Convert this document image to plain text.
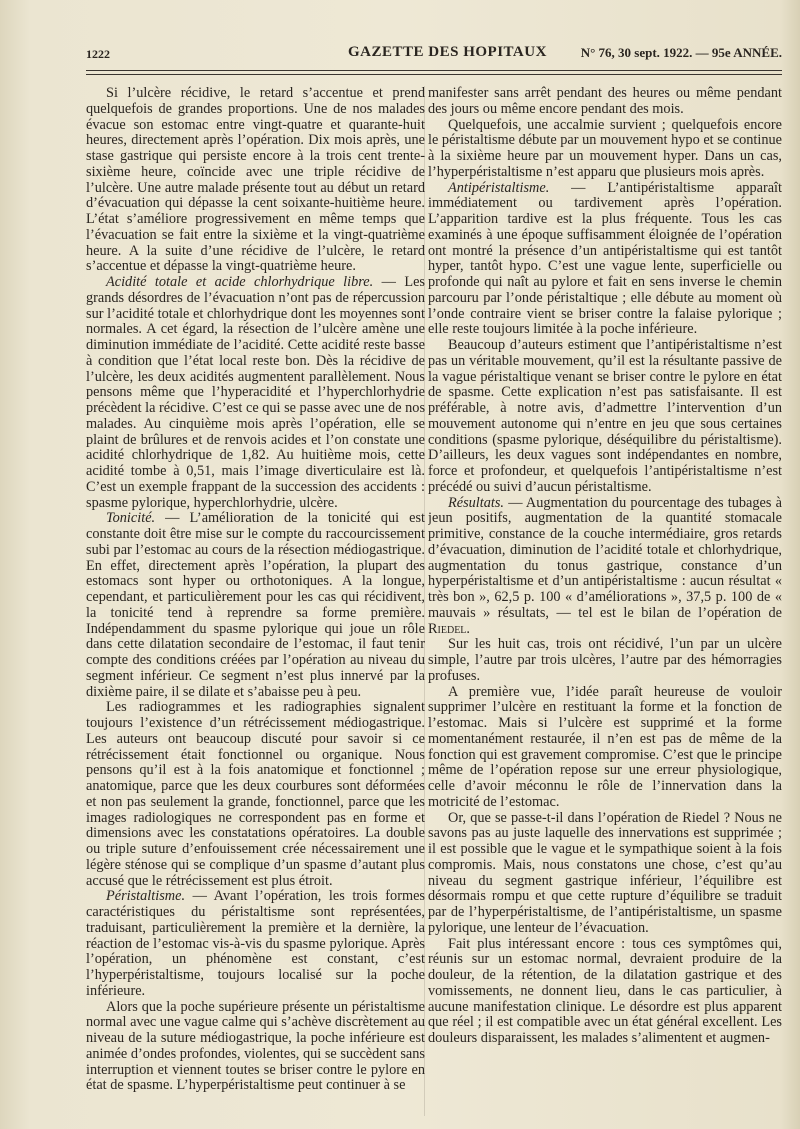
1222	GAZETTE DES HOPITAUX	N° 76, 30 sept. 1922. — 95e ANNÉE.

Si l’ulcère récidive, le retard s’accentue et prend quelquefois de grandes proportions. Une de nos malades évacue son estomac entre vingt-quatre et quarante-huit heures, directement après l’opération. Dix mois après, une stase gastrique qui persiste encore à la trois cent trente-sixième heure, coïncide avec une triple récidive de l’ulcère. Une autre malade présente tout au début un retard d’évacuation qui dépasse la cent soixante-huitième heure. L’état s’améliore progressivement en même temps que l’évacuation se fait entre la sixième et la vingt-quatrième heure. A la suite d’une récidive de l’ulcère, le retard s’accentue et dépasse la vingt-quatrième heure.

Acidité totale et acide chlorhydrique libre. — Les grands désordres de l’évacuation n’ont pas de répercussion sur l’acidité totale et chlorhydrique dont les moyennes sont normales. A cet égard, la résection de l’ulcère amène une diminution immédiate de l’acidité. Cette acidité reste basse à condition que l’état local reste bon. Dès la récidive de l’ulcère, les deux acidités augmentent parallèlement. Nous pensons même que l’hyperacidité et l’hyperchlorhydrie précèdent la récidive. C’est ce qui se passe avec une de nos malades. Au cinquième mois après l’opération, elle se plaint de brûlures et de renvois acides et l’on constate une acidité chlorhydrique de 1,82. Au huitième mois, cette acidité tombe à 0,51, mais l’image diverticulaire est là. C’est un exemple frappant de la succession des accidents : spasme pylorique, hyperchlorhydrie, ulcère.

Tonicité. — L’amélioration de la tonicité qui est constante doit être mise sur le compte du raccourcissement subi par l’estomac au cours de la résection médiogastrique. En effet, directement après l’opération, la plupart des estomacs sont hyper ou orthotoniques. A la longue, cependant, et particulièrement pour les cas qui récidivent, la tonicité tend à reprendre sa forme première. Indépendamment du spasme pylorique qui joue un rôle dans cette dilatation secondaire de l’estomac, il faut tenir compte des conditions créées par l’opération au niveau du segment inférieur. Ce segment n’est plus innervé par la dixième paire, il se dilate et s’abaisse peu à peu.

Les radiogrammes et les radiographies signalent toujours l’existence d’un rétrécissement médiogastrique. Les auteurs ont beaucoup discuté pour savoir si ce rétrécissement était fonctionnel ou organique. Nous pensons qu’il est à la fois anatomique et fonctionnel ; anatomique, parce que les deux courbures sont déformées et non pas seulement la grande, fonctionnel, parce que les images radiologiques ne correspondent pas en forme et dimensions avec les constatations opératoires. La double ou triple suture d’enfouissement crée nécessairement une légère sténose qui se complique d’un spasme d’autant plus accusé que le rétrécissement est plus étroit.

Péristaltisme. — Avant l’opération, les trois formes caractéristiques du péristaltisme sont représentées, traduisant, particulièrement la première et la dernière, la réaction de l’estomac vis-à-vis du spasme pylorique. Après l’opération, un phénomène est constant, c’est l’hyperpéristaltisme, toujours localisé sur la poche inférieure.

Alors que la poche supérieure présente un péristaltisme normal avec une vague calme qui s’achève discrètement au niveau de la suture médiogastrique, la poche inférieure est animée d’ondes profondes, violentes, qui se succèdent sans interruption et viennent toutes se briser contre le pylore en état de spasme. L’hyperpéristaltisme peut continuer à se

manifester sans arrêt pendant des heures ou même pendant des jours ou même encore pendant des mois.

Quelquefois, une accalmie survient ; quelquefois encore le péristaltisme débute par un mouvement hypo et se continue à la sixième heure par un mouvement hyper. Dans un cas, l’hyperpéristaltisme n’est apparu que plusieurs mois après.

Antipéristaltisme. — L’antipéristaltisme apparaît immédiatement ou tardivement après l’opération. L’apparition tardive est la plus fréquente. Tous les cas examinés à une époque suffisamment éloignée de l’opération ont montré la présence d’un antipéristaltisme qui est tantôt hyper, tantôt hypo. C’est une vague lente, superficielle ou profonde qui naît au pylore et fait en sens inverse le chemin parcouru par l’onde péristaltique ; elle débute au moment où l’onde contraire vient se briser contre la falaise pylorique ; elle reste toujours limitée à la poche inférieure.

Beaucoup d’auteurs estiment que l’antipéristaltisme n’est pas un véritable mouvement, qu’il est la résultante passive de la vague péristaltique venant se briser contre le pylore en état de spasme. Cette explication n’est pas satisfaisante. Il est préférable, à notre avis, d’admettre l’intervention d’un mouvement autonome qui n’entre en jeu que sous certaines conditions (spasme pylorique, déséquilibre du péristaltisme). D’ailleurs, les deux vagues sont indépendantes en nombre, force et profondeur, et quelquefois l’antipéristaltisme n’est précédé ou suivi d’aucun péristaltisme.

Résultats. — Augmentation du pourcentage des tubages à jeun positifs, augmentation de la quantité stomacale primitive, constance de la couche intermédiaire, gros retards d’évacuation, diminution de l’acidité totale et chlorhydrique, augmentation du tonus gastrique, constance d’un hyperpéristaltisme et d’un antipéristaltisme : aucun résultat « très bon », 62,5 p. 100 « d’améliorations », 37,5 p. 100 de « mauvais » résultats, — tel est le bilan de l’opération de Riedel.

Sur les huit cas, trois ont récidivé, l’un par un ulcère simple, l’autre par trois ulcères, l’autre par des hémorragies profuses.

A première vue, l’idée paraît heureuse de vouloir supprimer l’ulcère en restituant la forme et la fonction de l’estomac. Mais si l’ulcère est supprimé et la forme momentanément restaurée, il n’en est pas de même de la fonction qui est gravement compromise. C’est que le principe même de l’opération repose sur une erreur physiologique, celle d’avoir méconnu le rôle de l’innervation dans la motricité de l’estomac.

Or, que se passe-t-il dans l’opération de Riedel ? Nous ne savons pas au juste laquelle des innervations est supprimée ; il est possible que le vague et le sympathique soient à la fois compromis. Mais, nous constatons une chose, c’est qu’au niveau du segment gastrique inférieur, l’équilibre est désormais rompu et que cette rupture d’équilibre se traduit par de l’hyperpéristaltisme, de l’antipéristaltisme, un spasme pylorique, une lenteur de l’évacuation.

Fait plus intéressant encore : tous ces symptômes qui, réunis sur un estomac normal, devraient produire de la douleur, de la rétention, de la dilatation gastrique et des vomissements, ne donnent lieu, dans le cas particulier, à aucune manifestation clinique. Le désordre est plus apparent que réel ; il est compatible avec un état général excellent. Les douleurs disparaissent, les malades s’alimentent et augmen-
